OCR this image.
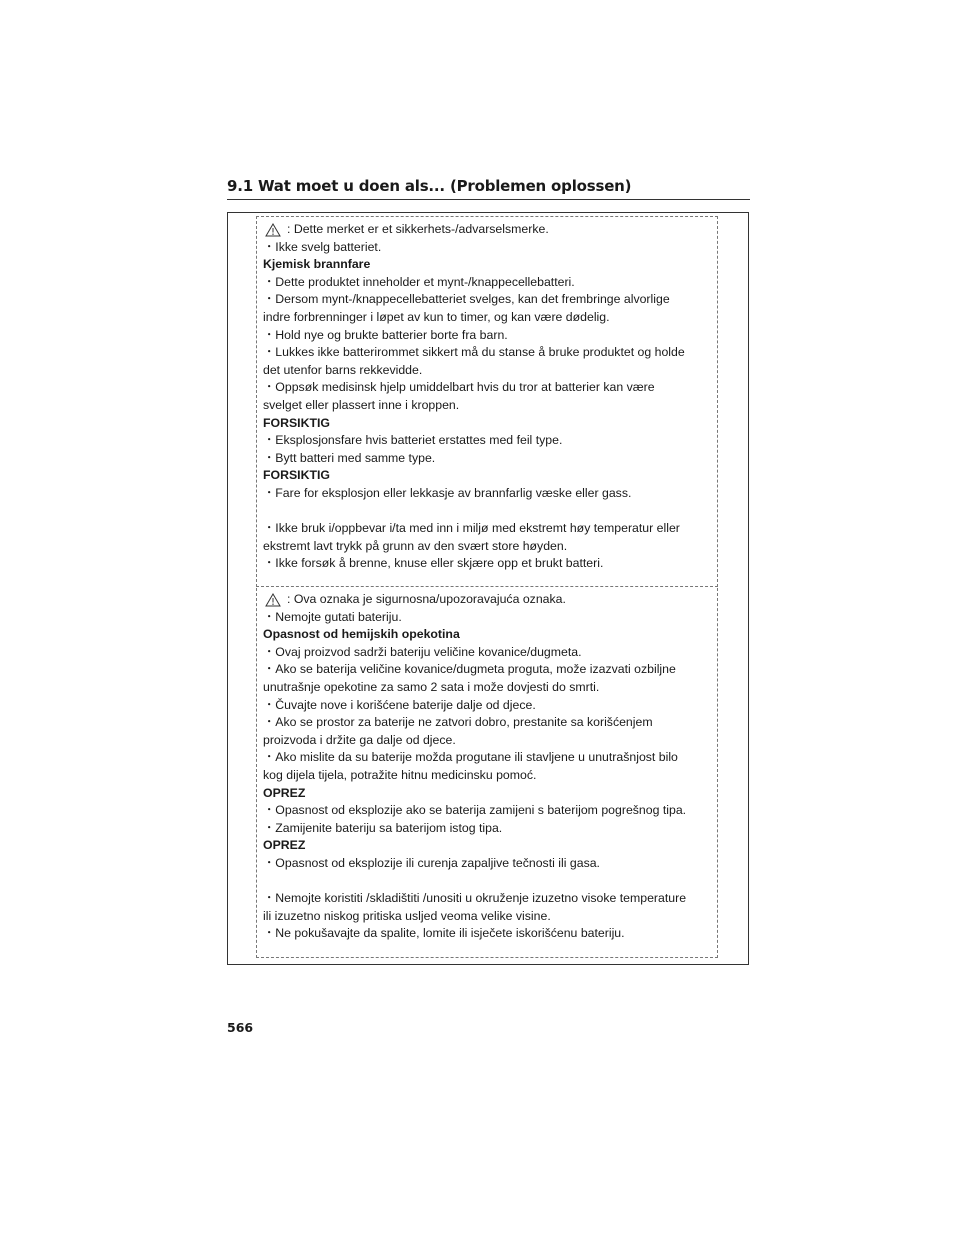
9.1 Wat moet u doen als... (Problemen oplossen)
: Dette merket er et sikkerhets-/advarselsmerke.
・Ikke svelg batteriet.
Kjemisk brannfare
・Dette produktet inneholder et mynt-/knappecellebatteri.
・Dersom mynt-/knappecellebatteriet svelges, kan det frembringe alvorlige
indre forbrenninger i løpet av kun to timer, og kan være dødelig.
・Hold nye og brukte batterier borte fra barn.
・Lukkes ikke batterirommet sikkert må du stanse å bruke produktet og holde
det utenfor barns rekkevidde.
・Oppsøk medisinsk hjelp umiddelbart hvis du tror at batterier kan være
svelget eller plassert inne i kroppen.
FORSIKTIG
・Eksplosjonsfare hvis batteriet erstattes med feil type.
・Bytt batteri med samme type.
FORSIKTIG
・Fare for eksplosjon eller lekkasje av brannfarlig væske eller gass.
・Ikke bruk i/oppbevar i/ta med inn i miljø med ekstremt høy temperatur eller
ekstremt lavt trykk på grunn av den svært store høyden.
・Ikke forsøk å brenne, knuse eller skjære opp et brukt batteri.
: Ova oznaka je sigurnosna/upozoravajuća oznaka.
・Nemojte gutati bateriju.
Opasnost od hemijskih opekotina
・Ovaj proizvod sadrži bateriju veličine kovanice/dugmeta.
・Ako se baterija veličine kovanice/dugmeta proguta, može izazvati ozbiljne
unutrašnje opekotine za samo 2 sata i može dovjesti do smrti.
・Čuvajte nove i korišćene baterije dalje od djece.
・Ako se prostor za baterije ne zatvori dobro, prestanite sa korišćenjem
proizvoda i držite ga dalje od djece.
・Ako mislite da su baterije možda progutane ili stavljene u unutrašnjost bilo
kog dijela tijela, potražite hitnu medicinsku pomoć.
OPREZ
・Opasnost od eksplozije ako se baterija zamijeni s baterijom pogrešnog tipa.
・Zamijenite bateriju sa baterijom istog tipa.
OPREZ
・Opasnost od eksplozije ili curenja zapaljive tečnosti ili gasa.
・Nemojte koristiti /skladištiti /unositi u okruženje izuzetno visoke temperature
ili izuzetno niskog pritiska usljed veoma velike visine.
・Ne pokušavajte da spalite, lomite ili isječete iskorišćenu bateriju.
566
